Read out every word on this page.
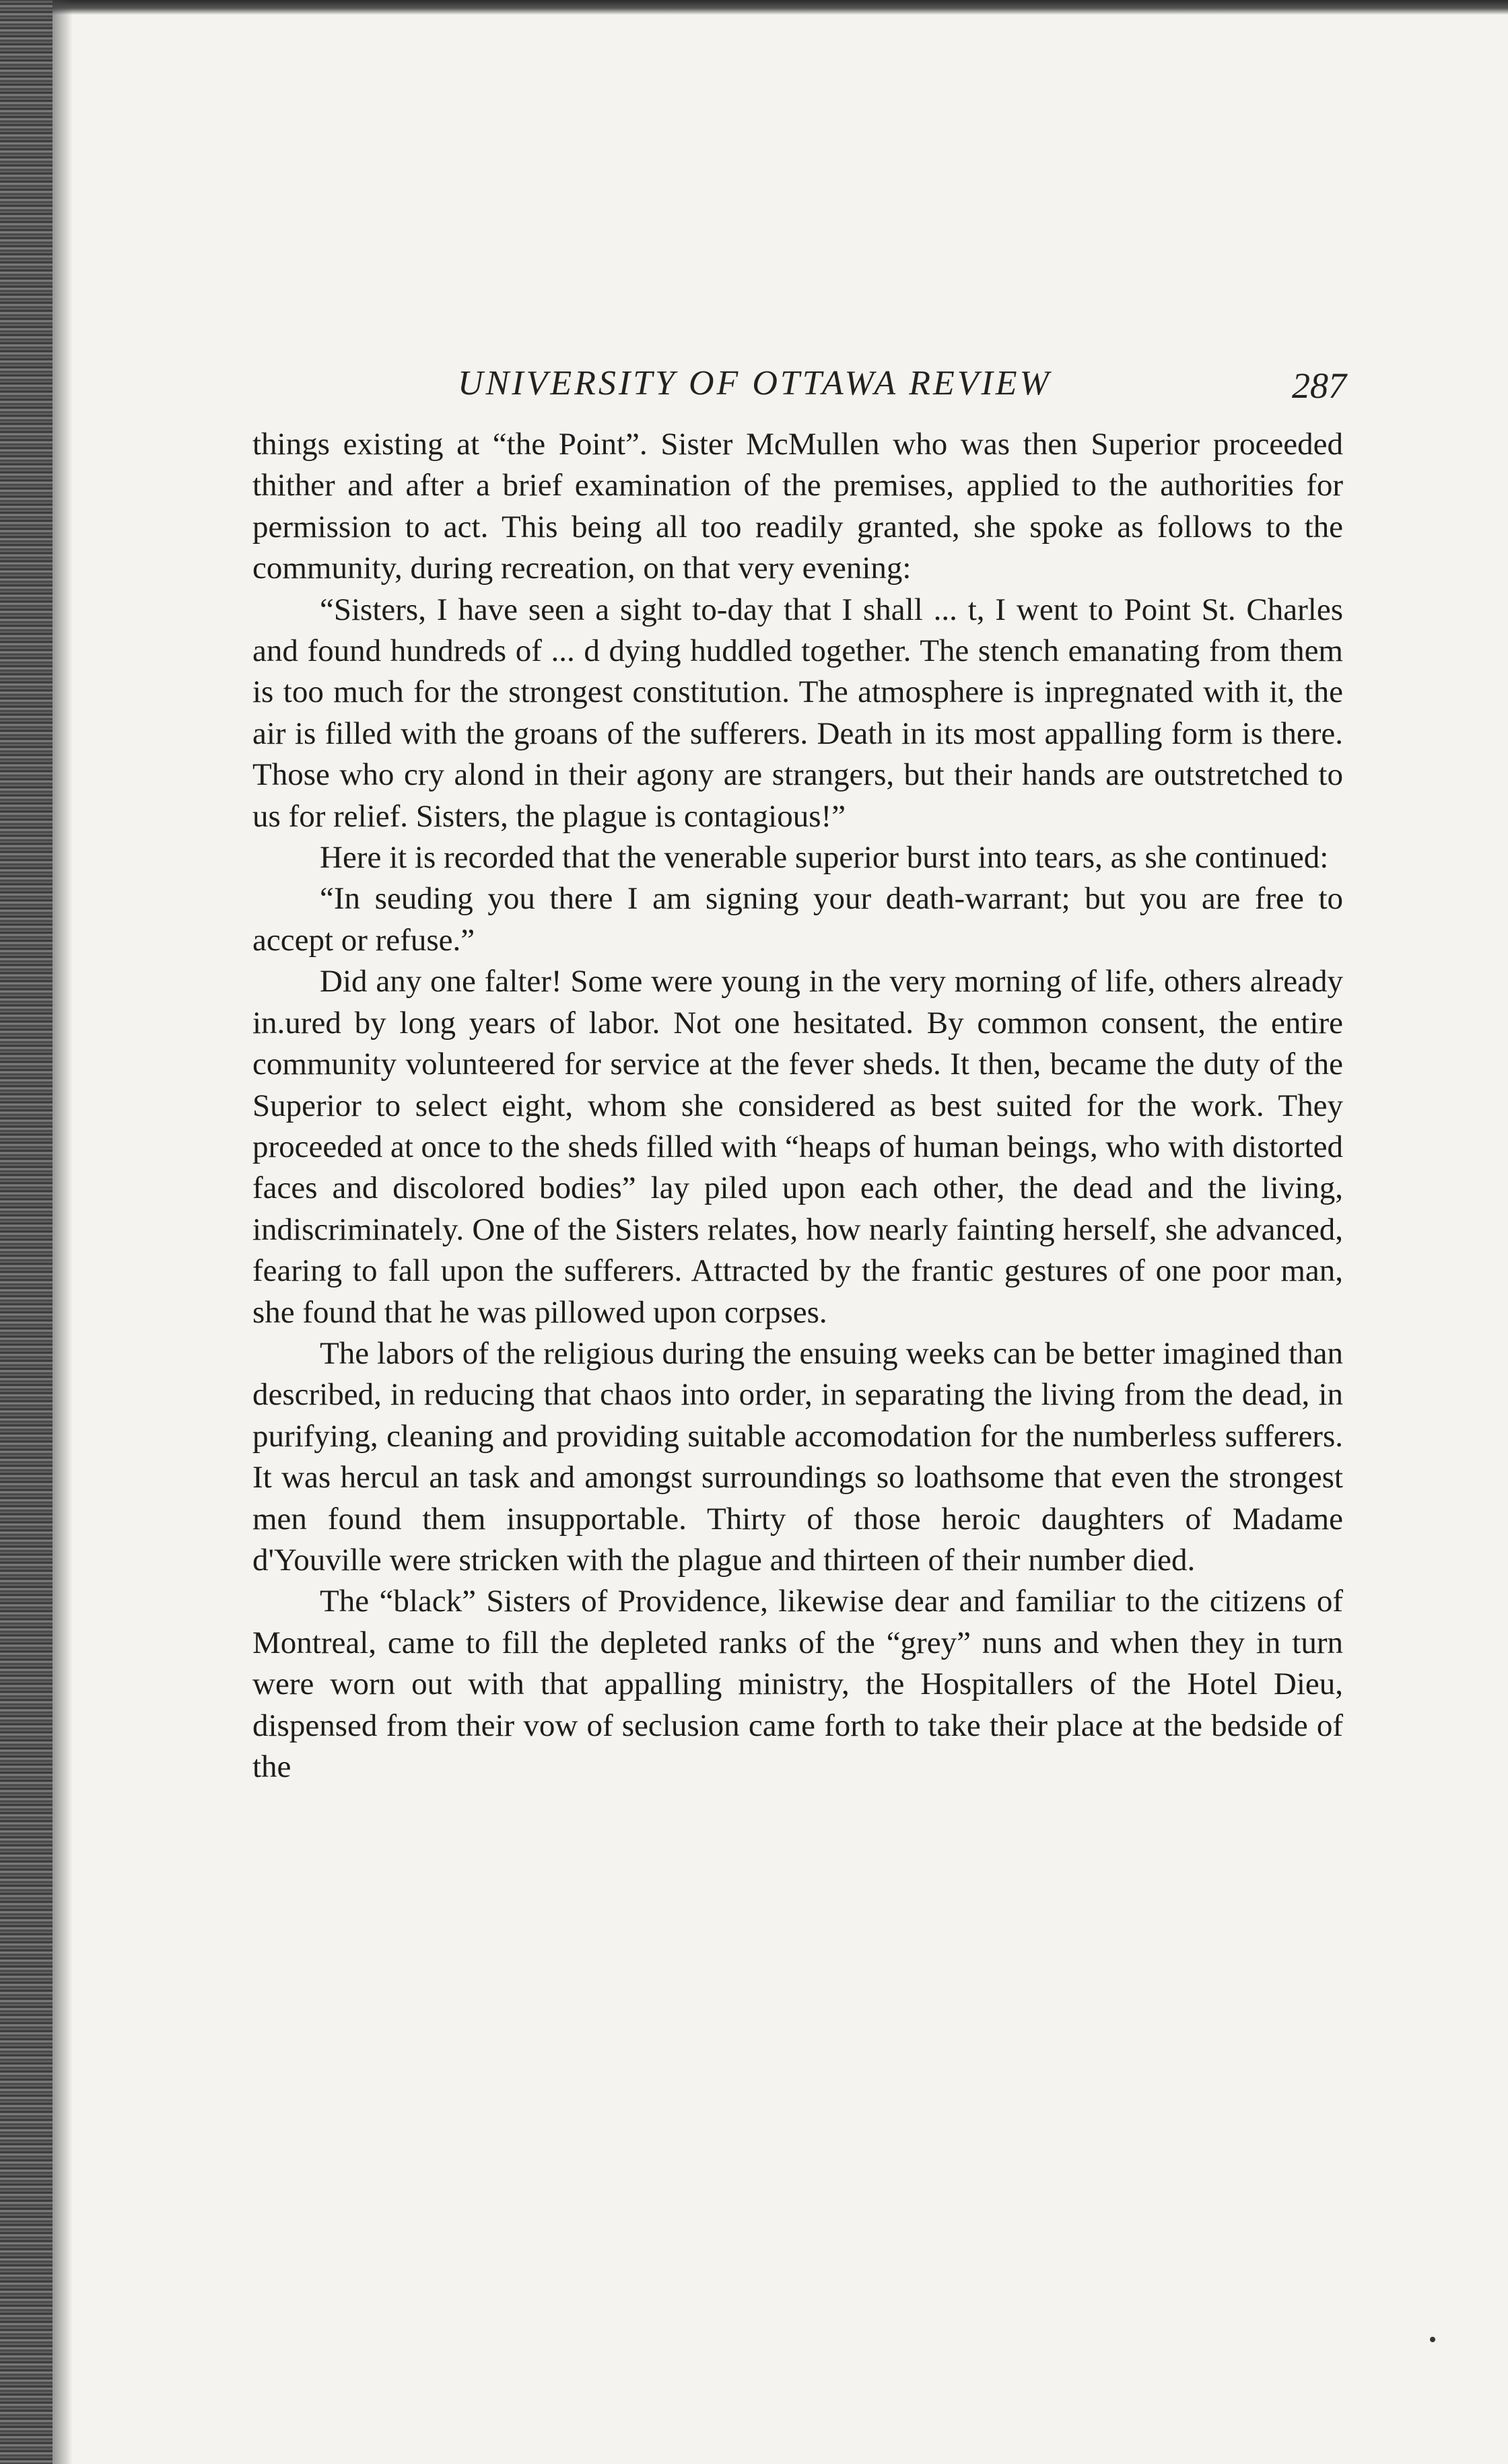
UNIVERSITY OF OTTAWA REVIEW	287

things existing at “the Point”. Sister McMullen who was then Superior proceeded thither and after a brief examination of the premises, applied to the authorities for permission to act. This being all too readily granted, she spoke as follows to the community, during recreation, on that very evening:

“Sisters, I have seen a sight to-day that I shall ... t, I went to Point St. Charles and found hundreds of ... d dying huddled together. The stench emanating from them is too much for the strongest constitution. The atmosphere is inpregnated with it, the air is filled with the groans of the sufferers. Death in its most appalling form is there. Those who cry alond in their agony are strangers, but their hands are outstretched to us for relief. Sisters, the plague is contagious!”

Here it is recorded that the venerable superior burst into tears, as she continued:

“In seuding you there I am signing your death-warrant; but you are free to accept or refuse.”

Did any one falter! Some were young in the very morning of life, others already in.ured by long years of labor. Not one hesitated. By common consent, the entire community volunteered for service at the fever sheds. It then, became the duty of the Superior to select eight, whom she considered as best suited for the work. They proceeded at once to the sheds filled with “heaps of human beings, who with distorted faces and discolored bodies” lay piled upon each other, the dead and the living, indiscriminately. One of the Sisters relates, how nearly fainting herself, she advanced, fearing to fall upon the sufferers. Attracted by the frantic gestures of one poor man, she found that he was pillowed upon corpses.

The labors of the religious during the ensuing weeks can be better imagined than described, in reducing that chaos into order, in separating the living from the dead, in purifying, cleaning and providing suitable accomodation for the numberless sufferers. It was hercul an task and amongst surroundings so loathsome that even the strongest men found them insupportable. Thirty of those heroic daughters of Madame d'Youville were stricken with the plague and thirteen of their number died.

The “black” Sisters of Providence, likewise dear and familiar to the citizens of Montreal, came to fill the depleted ranks of the “grey” nuns and when they in turn were worn out with that appalling ministry, the Hospitallers of the Hotel Dieu, dispensed from their vow of seclusion came forth to take their place at the bedside of the
